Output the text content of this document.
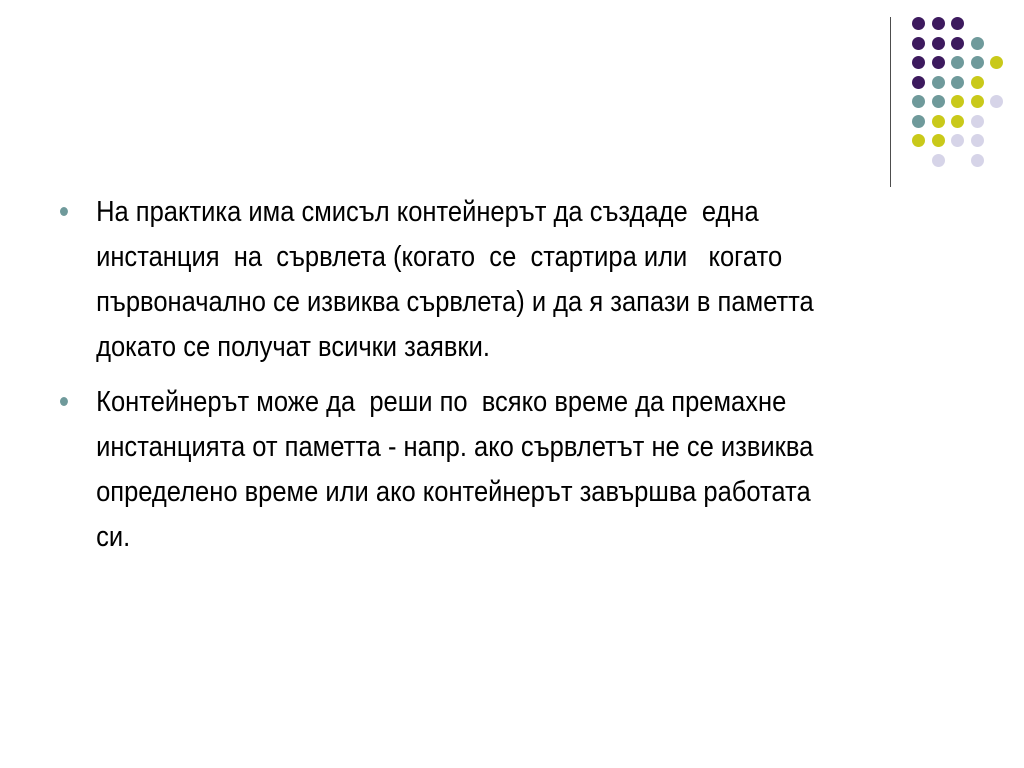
На практика има смисъл контейнерът да създаде  една
инстанция  на  сървлета (когато  се  стартира или   когато
първоначално се извиква сървлета) и да я запази в паметта
докато се получат всички заявки.
Контейнерът може да  реши по  всяко време да премахне
инстанцията от паметта - напр. ако сървлетът не се извиква
определено време или ако контейнерът завършва работата
си.
